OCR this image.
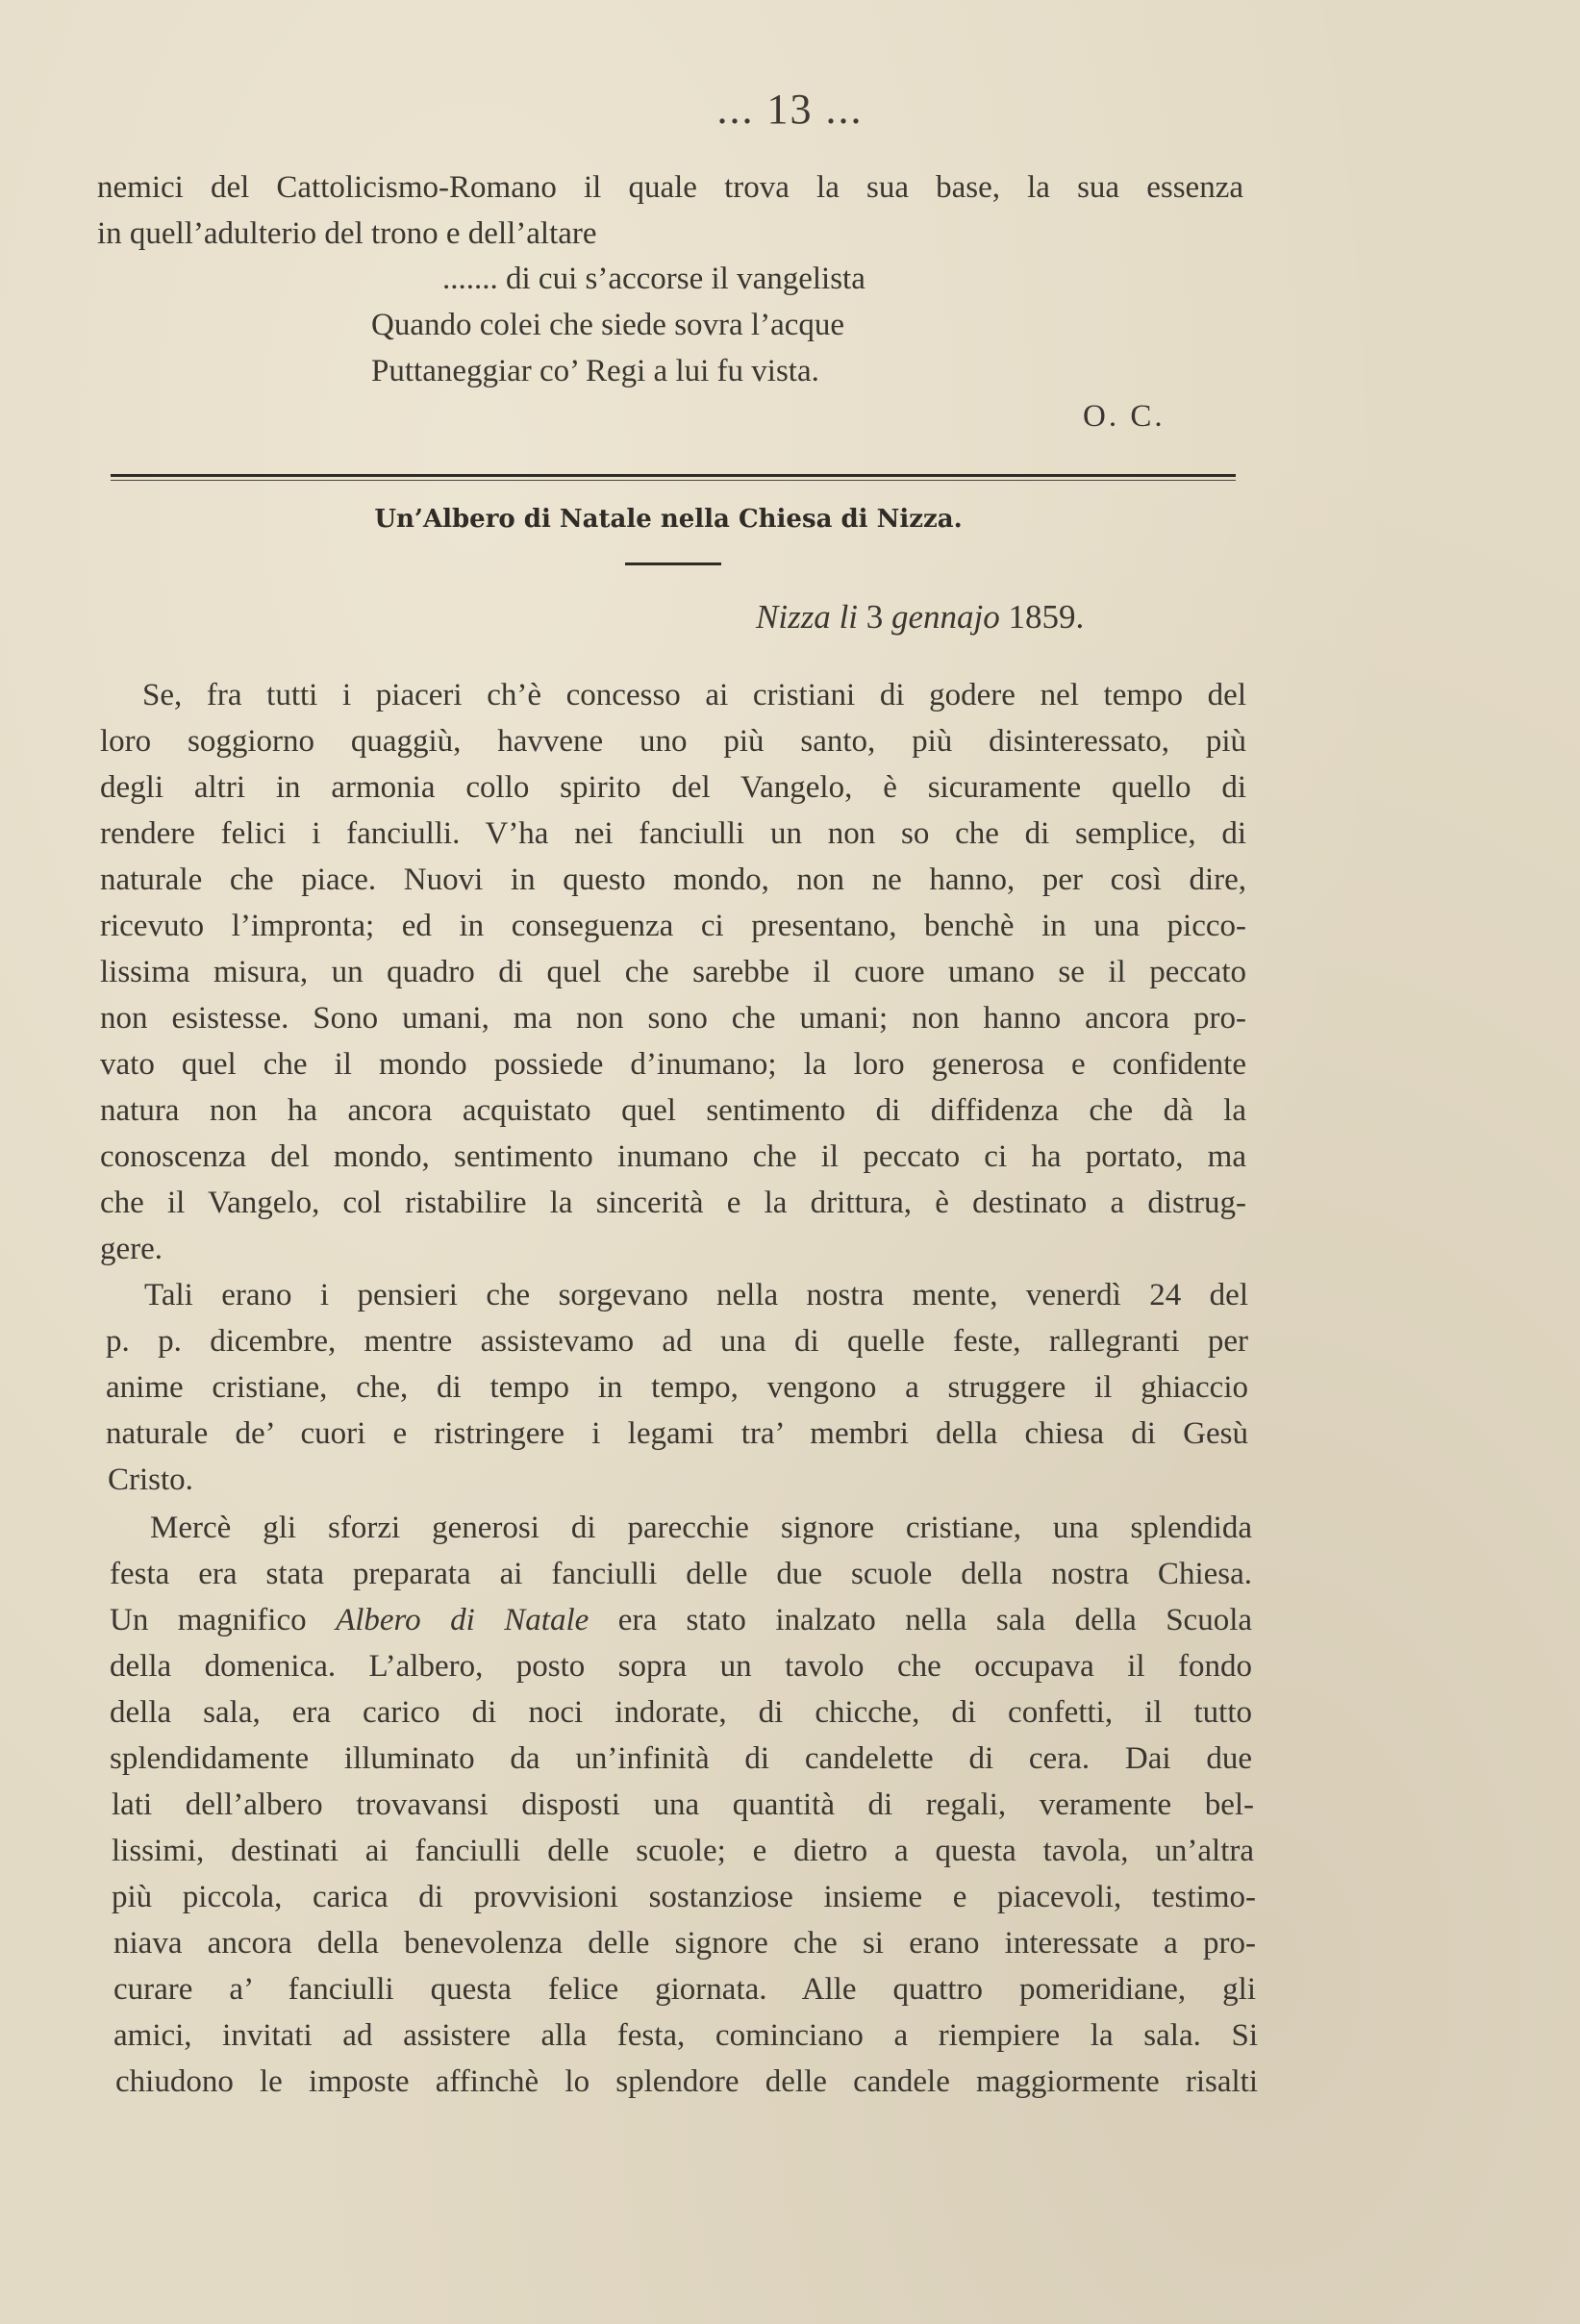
... 13 ...
nemici del Cattolicismo-Romano il quale trova la sua base, la sua essenza
in quell’adulterio del trono e dell’altare
....... di cui s’accorse il vangelista
Quando colei che siede sovra l’acque
Puttaneggiar co’ Regi a lui fu vista.
O. C.
Un’Albero di Natale nella Chiesa di Nizza.
Nizza li 3 gennajo 1859.
Se, fra tutti i piaceri ch’è concesso ai cristiani di godere nel tempo del
loro soggiorno quaggiù, havvene uno più santo, più disinteressato, più
degli altri in armonia collo spirito del Vangelo, è sicuramente quello di
rendere felici i fanciulli. V’ha nei fanciulli un non so che di semplice, di
naturale che piace. Nuovi in questo mondo, non ne hanno, per così dire,
ricevuto l’impronta; ed in conseguenza ci presentano, benchè in una picco-
lissima misura, un quadro di quel che sarebbe il cuore umano se il peccato
non esistesse. Sono umani, ma non sono che umani; non hanno ancora pro-
vato quel che il mondo possiede d’inumano; la loro generosa e confidente
natura non ha ancora acquistato quel sentimento di diffidenza che dà la
conoscenza del mondo, sentimento inumano che il peccato ci ha portato, ma
che il Vangelo, col ristabilire la sincerità e la drittura, è destinato a distrug-
gere.
Tali erano i pensieri che sorgevano nella nostra mente, venerdì 24 del
p. p. dicembre, mentre assistevamo ad una di quelle feste, rallegranti per
anime cristiane, che, di tempo in tempo, vengono a struggere il ghiaccio
naturale de’ cuori e ristringere i legami tra’ membri della chiesa di Gesù
Cristo.
Mercè gli sforzi generosi di parecchie signore cristiane, una splendida
festa era stata preparata ai fanciulli delle due scuole della nostra Chiesa.
Un magnifico Albero di Natale era stato inalzato nella sala della Scuola
della domenica. L’albero, posto sopra un tavolo che occupava il fondo
della sala, era carico di noci indorate, di chicche, di confetti, il tutto
splendidamente illuminato da un’infinità di candelette di cera. Dai due
lati dell’albero trovavansi disposti una quantità di regali, veramente bel-
lissimi, destinati ai fanciulli delle scuole; e dietro a questa tavola, un’altra
più piccola, carica di provvisioni sostanziose insieme e piacevoli, testimo-
niava ancora della benevolenza delle signore che si erano interessate a pro-
curare a’ fanciulli questa felice giornata. Alle quattro pomeridiane, gli
amici, invitati ad assistere alla festa, cominciano a riempiere la sala. Si
chiudono le imposte affinchè lo splendore delle candele maggiormente risalti
